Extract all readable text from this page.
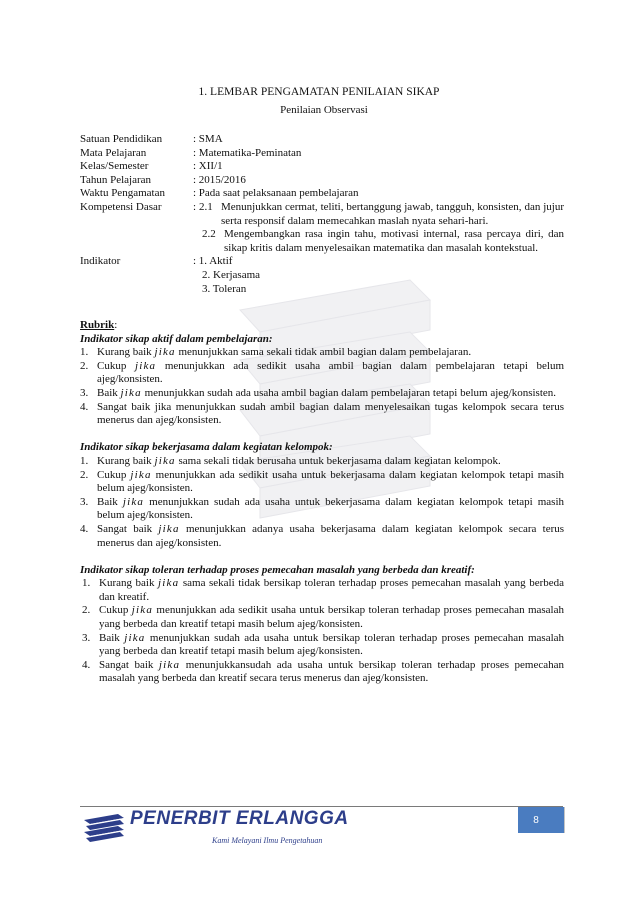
1. LEMBAR PENGAMATAN PENILAIAN SIKAP
Penilaian Observasi
Satuan Pendidikan	: SMA
Mata Pelajaran	: Matematika-Peminatan
Kelas/Semester	: XII/1
Tahun Pelajaran	: 2015/2016
Waktu Pengamatan	: Pada saat pelaksanaan pembelajaran
Kompetensi Dasar	: 2.1 Menunjukkan cermat, teliti, bertanggung jawab, tangguh, konsisten, dan jujur serta responsif dalam memecahkan maslah nyata sehari-hari.
2.2 Mengembangkan rasa ingin tahu, motivasi internal, rasa percaya diri, dan sikap kritis dalam menyelesaikan matematika dan masalah kontekstual.
Indikator	: 1. Aktif
2. Kerjasama
3. Toleran
Rubrik:
Indikator sikap aktif dalam pembelajaran:
1. Kurang baik jika menunjukkan sama sekali tidak ambil bagian dalam pembelajaran.
2. Cukup jika menunjukkan ada sedikit usaha ambil bagian dalam pembelajaran tetapi belum ajeg/konsisten.
3. Baik jika menunjukkan sudah ada usaha ambil bagian dalam pembelajaran tetapi belum ajeg/konsisten.
4. Sangat baik jika menunjukkan sudah ambil bagian dalam menyelesaikan tugas kelompok secara terus menerus dan ajeg/konsisten.
Indikator sikap bekerjasama dalam kegiatan kelompok:
1. Kurang baik jika sama sekali tidak berusaha untuk bekerjasama dalam kegiatan kelompok.
2. Cukup jika menunjukkan ada sedikit usaha untuk bekerjasama dalam kegiatan kelompok tetapi masih belum ajeg/konsisten.
3. Baik jika menunjukkan sudah ada usaha untuk bekerjasama dalam kegiatan kelompok tetapi masih belum ajeg/konsisten.
4. Sangat baik jika menunjukkan adanya usaha bekerjasama dalam kegiatan kelompok secara terus menerus dan ajeg/konsisten.
Indikator sikap toleran terhadap proses pemecahan masalah yang berbeda dan kreatif:
1. Kurang baik jika sama sekali tidak bersikap toleran terhadap proses pemecahan masalah yang berbeda dan kreatif.
2. Cukup jika menunjukkan ada sedikit usaha untuk bersikap toleran terhadap proses pemecahan masalah yang berbeda dan kreatif tetapi masih belum ajeg/konsisten.
3. Baik jika menunjukkan sudah ada usaha untuk bersikap toleran terhadap proses pemecahan masalah yang berbeda dan kreatif tetapi masih belum ajeg/konsisten.
4. Sangat baik jika menunjukkansudah ada usaha untuk bersikap toleran terhadap proses pemecahan masalah yang berbeda dan kreatif secara terus menerus dan ajeg/konsisten.
8
PENERBIT ERLANGGA
Kami Melayani Ilmu Pengetahuan
